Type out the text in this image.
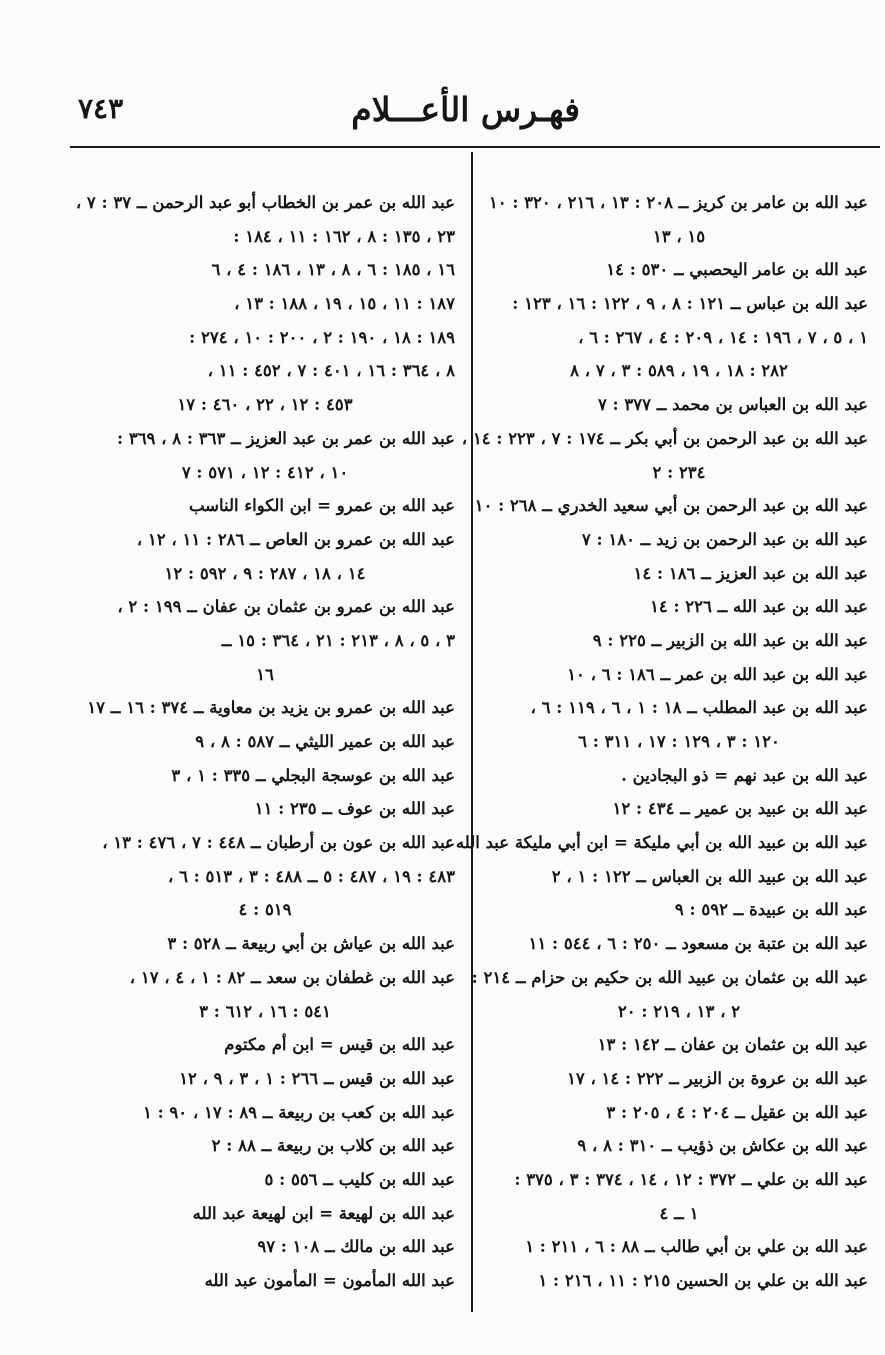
فهـرس الأعـــلام
٧٤٣
عبد الله بن عامر بن كريز ــ ٢٠٨ : ١٣ ، ٢١٦ ، ٣٢٠ : ١٠
١٥ ، ١٣
عبد الله بن عامر اليحصبي ــ ٥٣٠ : ١٤
عبد الله بن عباس ــ ١٢١ : ٨ ، ٩ ، ١٢٢ : ١٦ ، ١٢٣ :
١ ، ٥ ، ٧ ، ١٩٦ : ١٤ ، ٢٠٩ : ٤ ، ٢٦٧ : ٦ ،
٢٨٢ : ١٨ ، ١٩ ، ٥٨٩ : ٣ ، ٧ ، ٨
عبد الله بن العباس بن محمد ــ ٣٧٧ : ٧
عبد الله بن عبد الرحمن بن أبي بكر ــ ١٧٤ : ٧ ، ٢٢٣ : ١٤ ،
٢٣٤ : ٢
عبد الله بن عبد الرحمن بن أبي سعيد الخدري ــ ٢٦٨ : ١٠
عبد الله بن عبد الرحمن بن زيد ــ ١٨٠ : ٧
عبد الله بن عبد العزيز ــ ١٨٦ : ١٤
عبد الله بن عبد الله ــ ٢٢٦ : ١٤
عبد الله بن عبد الله بن الزبير ــ ٢٢٥ : ٩
عبد الله بن عبد الله بن عمر ــ ١٨٦ : ٦ ، ١٠
عبد الله بن عبد المطلب ــ ١٨ : ١ ، ٦ ، ١١٩ : ٦ ،
١٢٠ : ٣ ، ١٢٩ : ١٧ ، ٣١١ : ٦
عبد الله بن عبد نهم = ذو البجادين .
عبد الله بن عبيد بن عمير ــ ٤٣٤ : ١٢
عبد الله بن عبيد الله بن أبي مليكة = ابن أبي مليكة عبد الله .
عبد الله بن عبيد الله بن العباس ــ ١٢٢ : ١ ، ٢
عبد الله بن عبيدة ــ ٥٩٢ : ٩
عبد الله بن عتبة بن مسعود ــ ٢٥٠ : ٦ ، ٥٤٤ : ١١
عبد الله بن عثمان بن عبيد الله بن حكيم بن حزام ــ ٢١٤ :
٢ ، ١٣ ، ٢١٩ : ٢٠
عبد الله بن عثمان بن عفان ــ ١٤٢ : ١٣
عبد الله بن عروة بن الزبير ــ ٢٢٢ : ١٤ ، ١٧
عبد الله بن عقيل ــ ٢٠٤ : ٤ ، ٢٠٥ : ٣
عبد الله بن عكاش بن ذؤيب ــ ٣١٠ : ٨ ، ٩
عبد الله بن علي ــ ٣٧٢ : ١٢ ، ١٤ ، ٣٧٤ : ٣ ، ٣٧٥ :
١ ــ ٤
عبد الله بن علي بن أبي طالب ــ ٨٨ : ٦ ، ٢١١ : ١
عبد الله بن علي بن الحسين ٢١٥ : ١١ ، ٢١٦ : ١
عبد الله بن عمر بن الخطاب أبو عبد الرحمن ــ ٣٧ : ٧ ،
٢٣ ، ١٣٥ : ٨ ، ١٦٢ : ١١ ، ١٨٤ :
١٦ ، ١٨٥ : ٦ ، ٨ ، ١٣ ، ١٨٦ : ٤ ، ٦
١٨٧ : ١١ ، ١٥ ، ١٩ ، ١٨٨ : ١٣ ،
١٨٩ : ١٨ ، ١٩٠ : ٢ ، ٢٠٠ : ١٠ ، ٢٧٤ :
٨ ، ٣٦٤ : ١٦ ، ٤٠١ : ٧ ، ٤٥٢ : ١١ ،
٤٥٣ : ١٢ ، ٢٢ ، ٤٦٠ : ١٧
عبد الله بن عمر بن عبد العزيز ــ ٣٦٣ : ٨ ، ٣٦٩ :
١٠ ، ٤١٢ : ١٢ ، ٥٧١ : ٧
عبد الله بن عمرو = ابن الكواء الناسب
عبد الله بن عمرو بن العاص ــ ٢٨٦ : ١١ ، ١٢ ،
١٤ ، ١٨ ، ٢٨٧ : ٩ ، ٥٩٢ : ١٢
عبد الله بن عمرو بن عثمان بن عفان ــ ١٩٩ : ٢ ،
٣ ، ٥ ، ٨ ، ٢١٣ : ٢١ ، ٣٦٤ : ١٥ ــ
١٦
عبد الله بن عمرو بن يزيد بن معاوية ــ ٣٧٤ : ١٦ ــ ١٧
عبد الله بن عمير الليثي ــ ٥٨٧ : ٨ ، ٩
عبد الله بن عوسجة البجلي ــ ٣٣٥ : ١ ، ٣
عبد الله بن عوف ــ ٢٣٥ : ١١
عبد الله بن عون بن أرطبان ــ ٤٤٨ : ٧ ، ٤٧٦ : ١٣ ،
٤٨٣ : ١٩ ، ٤٨٧ : ٥ ــ ٤٨٨ : ٣ ، ٥١٣ : ٦ ،
٥١٩ : ٤
عبد الله بن عياش بن أبي ربيعة ــ ٥٢٨ : ٣
عبد الله بن غطفان بن سعد ــ ٨٢ : ١ ، ٤ ، ١٧ ،
٥٤١ : ١٦ ، ٦١٢ : ٣
عبد الله بن قيس = ابن أم مكتوم
عبد الله بن قيس ــ ٢٦٦ : ١ ، ٣ ، ٩ ، ١٢
عبد الله بن كعب بن ربيعة ــ ٨٩ : ١٧ ، ٩٠ : ١
عبد الله بن كلاب بن ربيعة ــ ٨٨ : ٢
عبد الله بن كليب ــ ٥٥٦ : ٥
عبد الله بن لهيعة = ابن لهيعة عبد الله
عبد الله بن مالك ــ ١٠٨ : ٩٧
عبد الله المأمون = المأمون عبد الله
